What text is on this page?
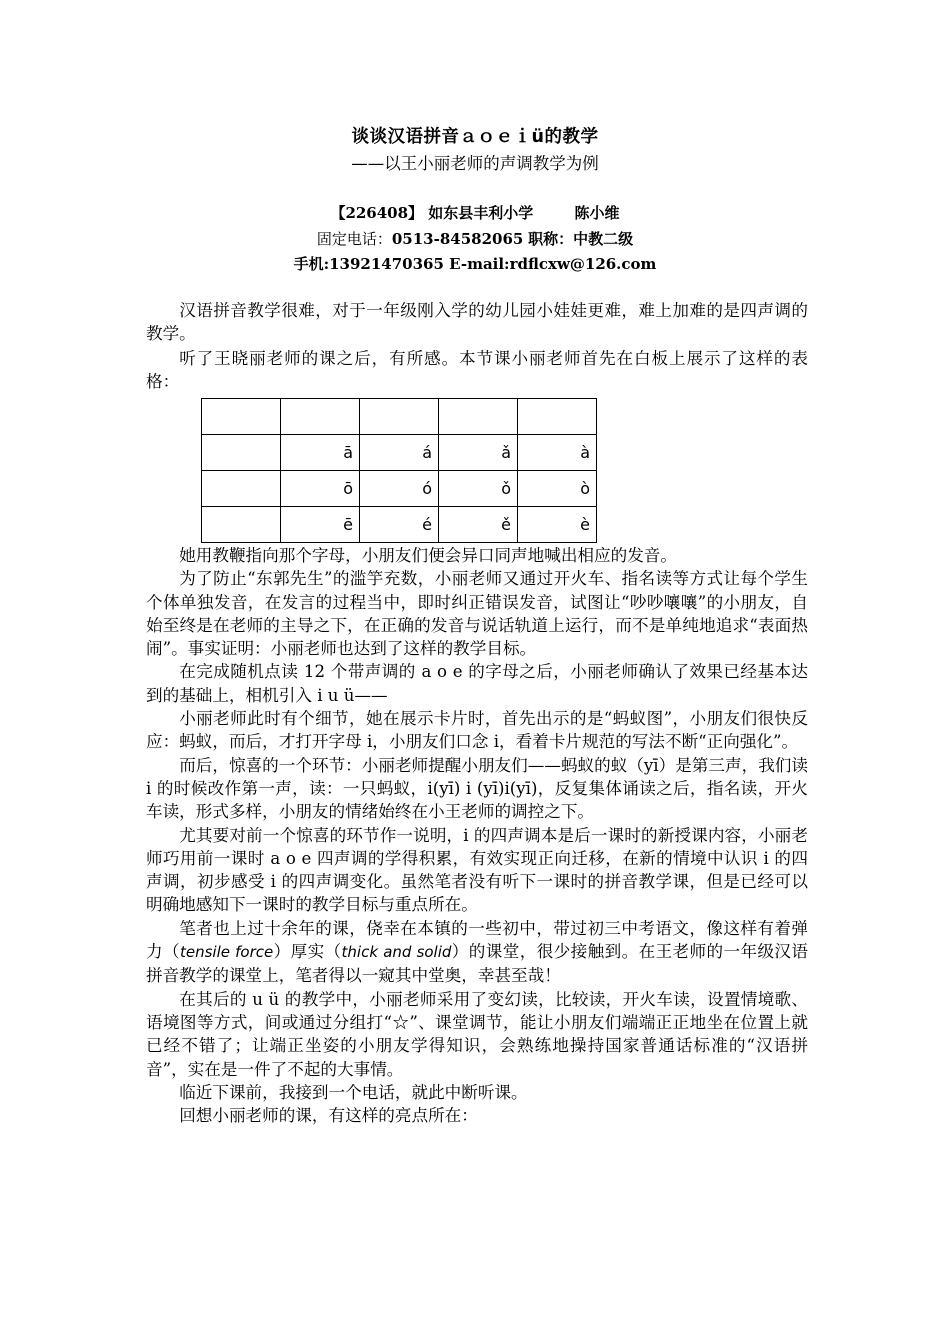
谈谈汉语拼音ａｏｅｉü的教学
——以王小丽老师的声调教学为例
【226408】 如东县丰利小学	陈小维
固定电话：0513-84582065 职称：中教二级
手机:13921470365 E-mail:rdflcxw@126.com

汉语拼音教学很难，对于一年级刚入学的幼儿园小娃娃更难，难上加难的是四声调的教学。

听了王晓丽老师的课之后，有所感。本节课小丽老师首先在白板上展示了这样的表格：

	ā	á	ǎ	à
	ō	ó	ǒ	ò
	ē	é	ě	è

她用教鞭指向那个字母，小朋友们便会异口同声地喊出相应的发音。

为了防止“东郭先生”的滥竽充数，小丽老师又通过开火车、指名读等方式让每个学生个体单独发音，在发言的过程当中，即时纠正错误发音，试图让“吵吵嚷嚷”的小朋友，自始至终是在老师的主导之下，在正确的发音与说话轨道上运行，而不是单纯地追求“表面热闹”。事实证明：小丽老师也达到了这样的教学目标。

在完成随机点读 12 个带声调的 a o e 的字母之后，小丽老师确认了效果已经基本达到的基础上，相机引入 i u ü——

小丽老师此时有个细节，她在展示卡片时，首先出示的是“蚂蚁图”，小朋友们很快反应：蚂蚁，而后，才打开字母 i，小朋友们口念 i，看着卡片规范的写法不断“正向强化”。

而后，惊喜的一个环节：小丽老师提醒小朋友们——蚂蚁的蚁（yī）是第三声，我们读 i 的时候改作第一声，读：一只蚂蚁，i(yī) i (yī)i(yī)，反复集体诵读之后，指名读，开火车读，形式多样，小朋友的情绪始终在小王老师的调控之下。

尤其要对前一个惊喜的环节作一说明，i 的四声调本是后一课时的新授课内容，小丽老师巧用前一课时 a o e 四声调的学得积累，有效实现正向迁移，在新的情境中认识 i 的四声调，初步感受 i 的四声调变化。虽然笔者没有听下一课时的拼音教学课，但是已经可以明确地感知下一课时的教学目标与重点所在。

笔者也上过十余年的课，侥幸在本镇的一些初中，带过初三中考语文，像这样有着弹力（tensile force）厚实（thick and solid）的课堂，很少接触到。在王老师的一年级汉语拼音教学的课堂上，笔者得以一窥其中堂奥，幸甚至哉！

在其后的 u ü 的教学中，小丽老师采用了变幻读，比较读，开火车读，设置情境歌、语境图等方式，间或通过分组打“☆”、课堂调节，能让小朋友们端端正正地坐在位置上就已经不错了；让端正坐姿的小朋友学得知识，会熟练地操持国家普通话标准的“汉语拼音”，实在是一件了不起的大事情。

临近下课前，我接到一个电话，就此中断听课。

回想小丽老师的课，有这样的亮点所在：
